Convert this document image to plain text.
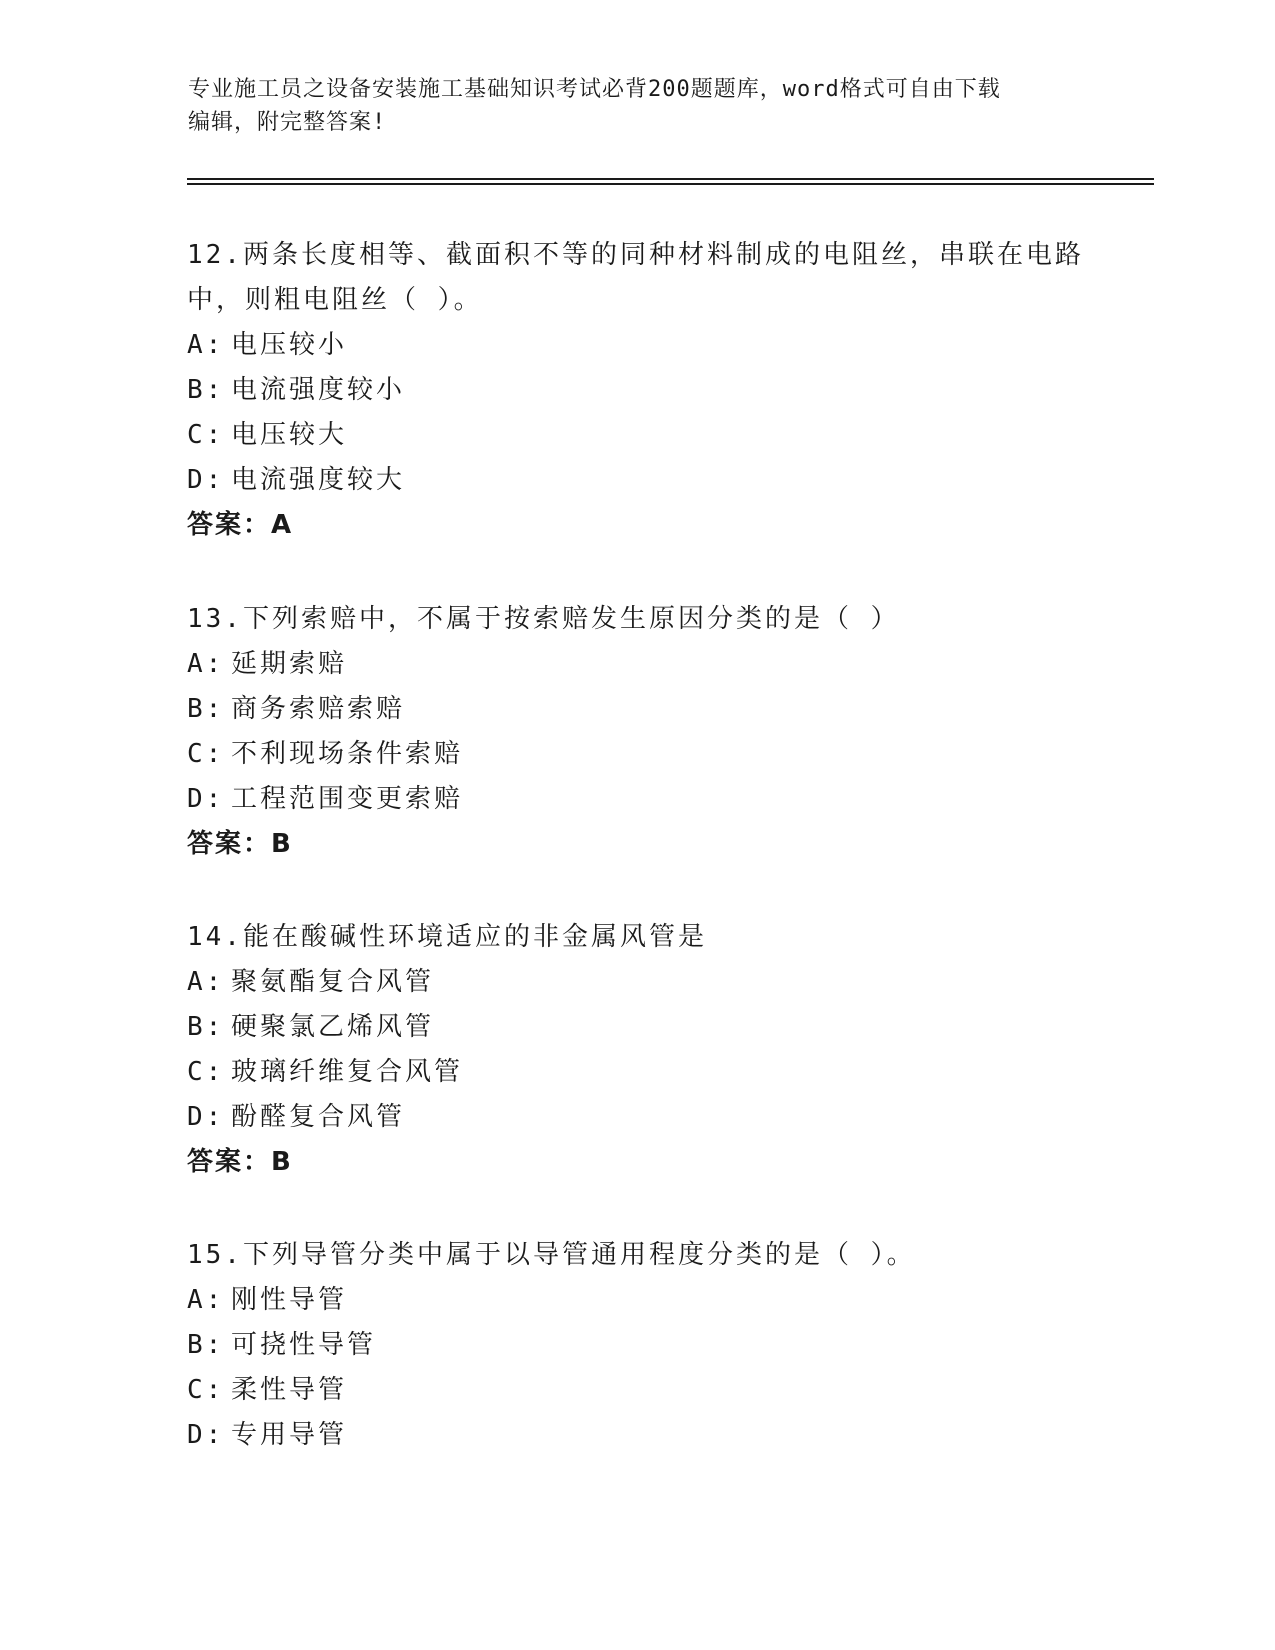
专业施工员之设备安装施工基础知识考试必背200题题库，word格式可自由下载
编辑，附完整答案!

12.两条长度相等、截面积不等的同种材料制成的电阻丝，串联在电路
中，则粗电阻丝（ ）。

A: 电压较小

B: 电流强度较小

C: 电压较大

D: 电流强度较大

答案：A

13.下列索赔中，不属于按索赔发生原因分类的是（ ）

A: 延期索赔

B: 商务索赔索赔

C: 不利现场条件索赔

D: 工程范围变更索赔

答案：B

14.能在酸碱性环境适应的非金属风管是

A: 聚氨酯复合风管

B: 硬聚氯乙烯风管

C: 玻璃纤维复合风管

D: 酚醛复合风管

答案：B

15.下列导管分类中属于以导管通用程度分类的是（ ）。

A: 刚性导管

B: 可挠性导管

C: 柔性导管

D: 专用导管
